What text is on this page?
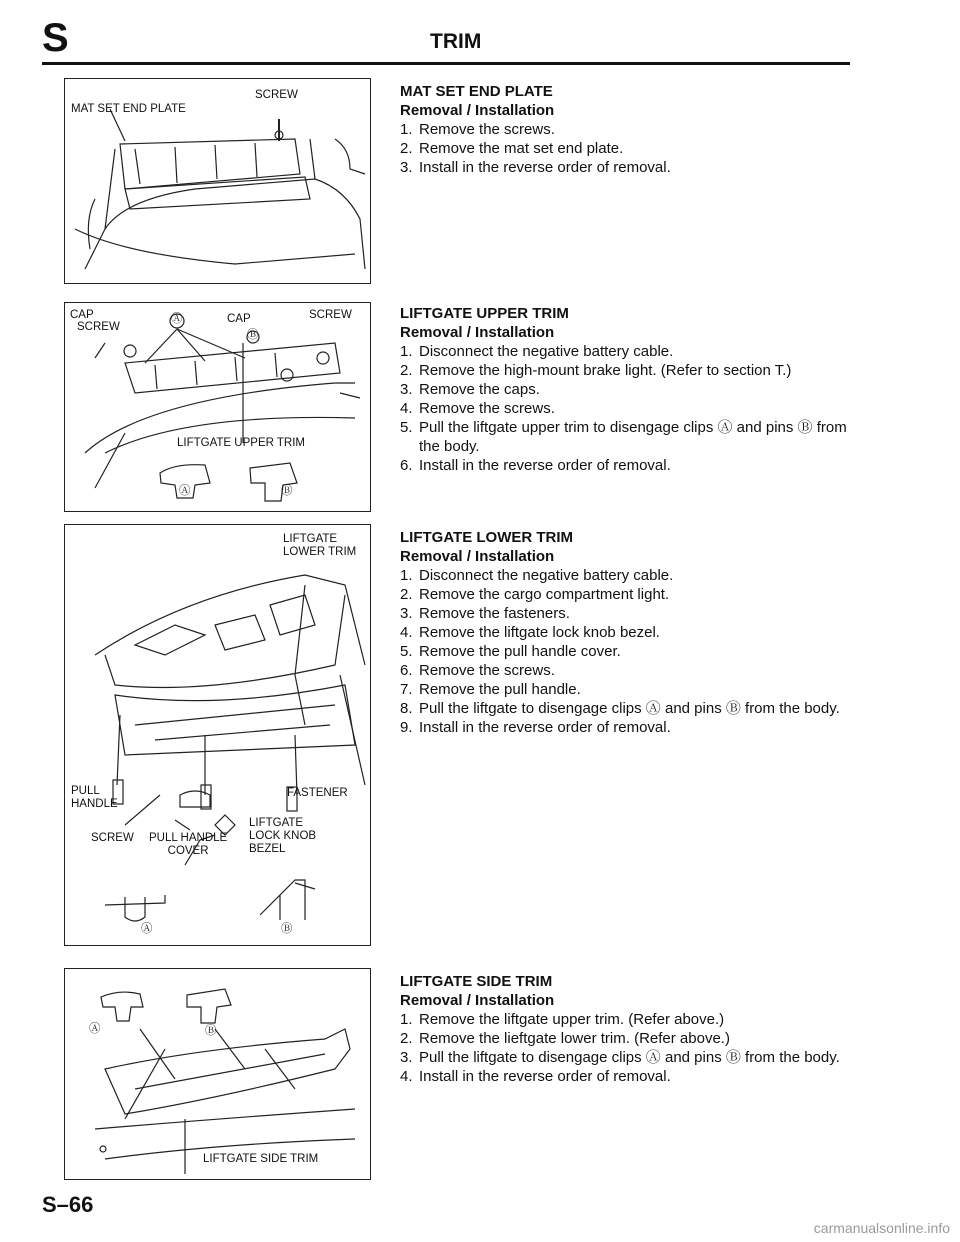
S	TRIM
SCREW
MAT SET END PLATE
CAP
SCREW
CAP	SCREW
Ⓐ
Ⓑ
LIFTGATE UPPER TRIM
Ⓐ	Ⓑ
LIFTGATE
LOWER TRIM
PULL
HANDLE
FASTENER
SCREW PULL HANDLE
COVER
LIFTGATE
LOCK KNOB
BEZEL
Ⓐ	Ⓑ
Ⓐ	Ⓑ
LIFTGATE SIDE TRIM
MAT SET END PLATE
Removal / Installation
1. Remove the screws.
2. Remove the mat set end plate.
3. Install in the reverse order of removal.
LIFTGATE UPPER TRIM
Removal / Installation
1. Disconnect the negative battery cable.
2. Remove the high-mount brake light. (Refer to section T.)
3. Remove the caps.
4. Remove the screws.
5. Pull the liftgate upper trim to disengage clips Ⓐ and pins Ⓑ from the body.
6. Install in the reverse order of removal.
LIFTGATE LOWER TRIM
Removal / Installation
1. Disconnect the negative battery cable.
2. Remove the cargo compartment light.
3. Remove the fasteners.
4. Remove the liftgate lock knob bezel.
5. Remove the pull handle cover.
6. Remove the screws.
7. Remove the pull handle.
8. Pull the liftgate to disengage clips Ⓐ and pins Ⓑ from the body.
9. Install in the reverse order of removal.
LIFTGATE SIDE TRIM
Removal / Installation
1. Remove the liftgate upper trim. (Refer above.)
2. Remove the lieftgate lower trim. (Refer above.)
3. Pull the liftgate to disengage clips Ⓐ and pins Ⓑ from the body.
4. Install in the reverse order of removal.
S–66
carmanualsonline.info
